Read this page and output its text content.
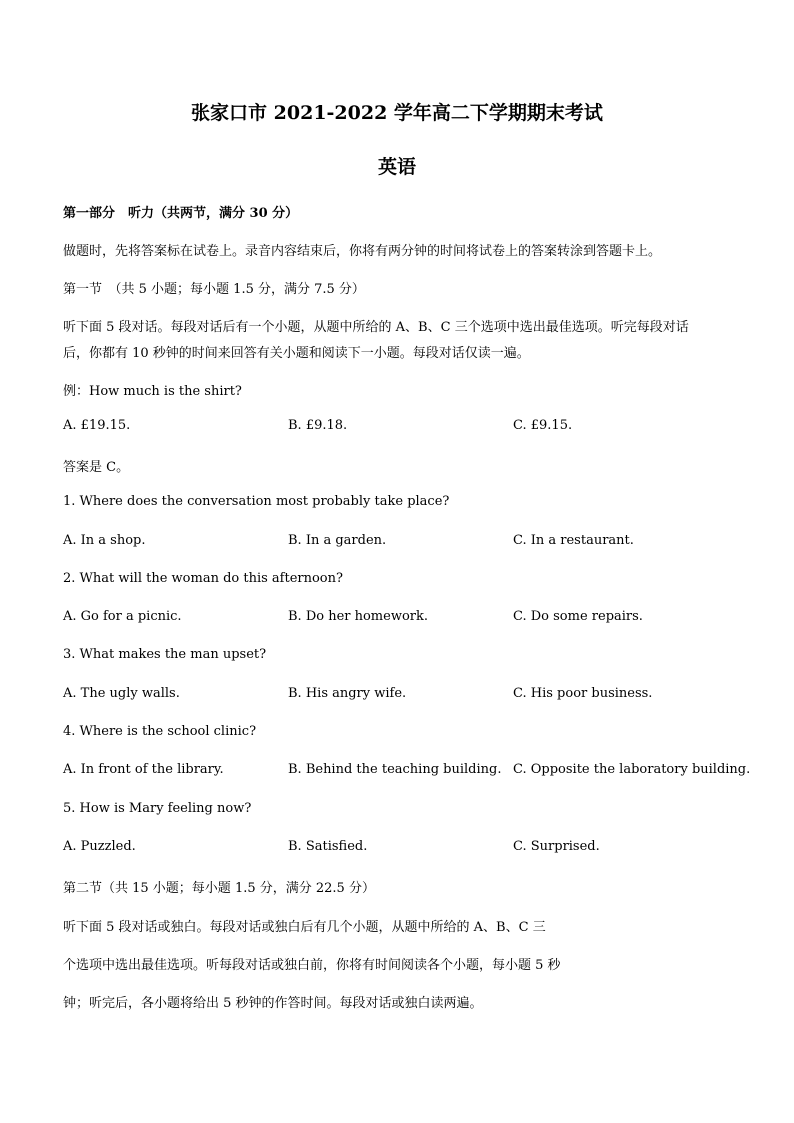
张家口市 2021-2022 学年高二下学期期末考试
英语
第一部分　听力（共两节，满分 30 分）
做题时，先将答案标在试卷上。录音内容结束后，你将有两分钟的时间将试卷上的答案转涂到答题卡上。
第一节　（共 5 小题；每小题 1.5 分，满分 7.5 分）
听下面 5 段对话。每段对话后有一个小题，从题中所给的 A、B、C 三个选项中选出最佳选项。听完每段对话
后，你都有 10 秒钟的时间来回答有关小题和阅读下一小题。每段对话仅读一遍。
例：How much is the shirt?
A. £19.15.	B. £9.18.	C. £9.15.
答案是 C。
1. Where does the conversation most probably take place?
A. In a shop.	B. In a garden.	C. In a restaurant.
2. What will the woman do this afternoon?
A. Go for a picnic.	B. Do her homework.	C. Do some repairs.
3. What makes the man upset?
A. The ugly walls.	B. His angry wife.	C. His poor business.
4. Where is the school clinic?
A. In front of the library.	B. Behind the teaching building. C. Opposite the laboratory building.
5. How is Mary feeling now?
A. Puzzled.	B. Satisfied.	C. Surprised.
第二节（共 15 小题；每小题 1.5 分，满分 22.5 分）
听下面 5 段对话或独白。每段对话或独白后有几个小题，从题中所给的 A、B、C 三
个选项中选出最佳选项。听每段对话或独白前，你将有时间阅读各个小题，每小题 5 秒
钟；听完后，各小题将给出 5 秒钟的作答时间。每段对话或独白读两遍。
